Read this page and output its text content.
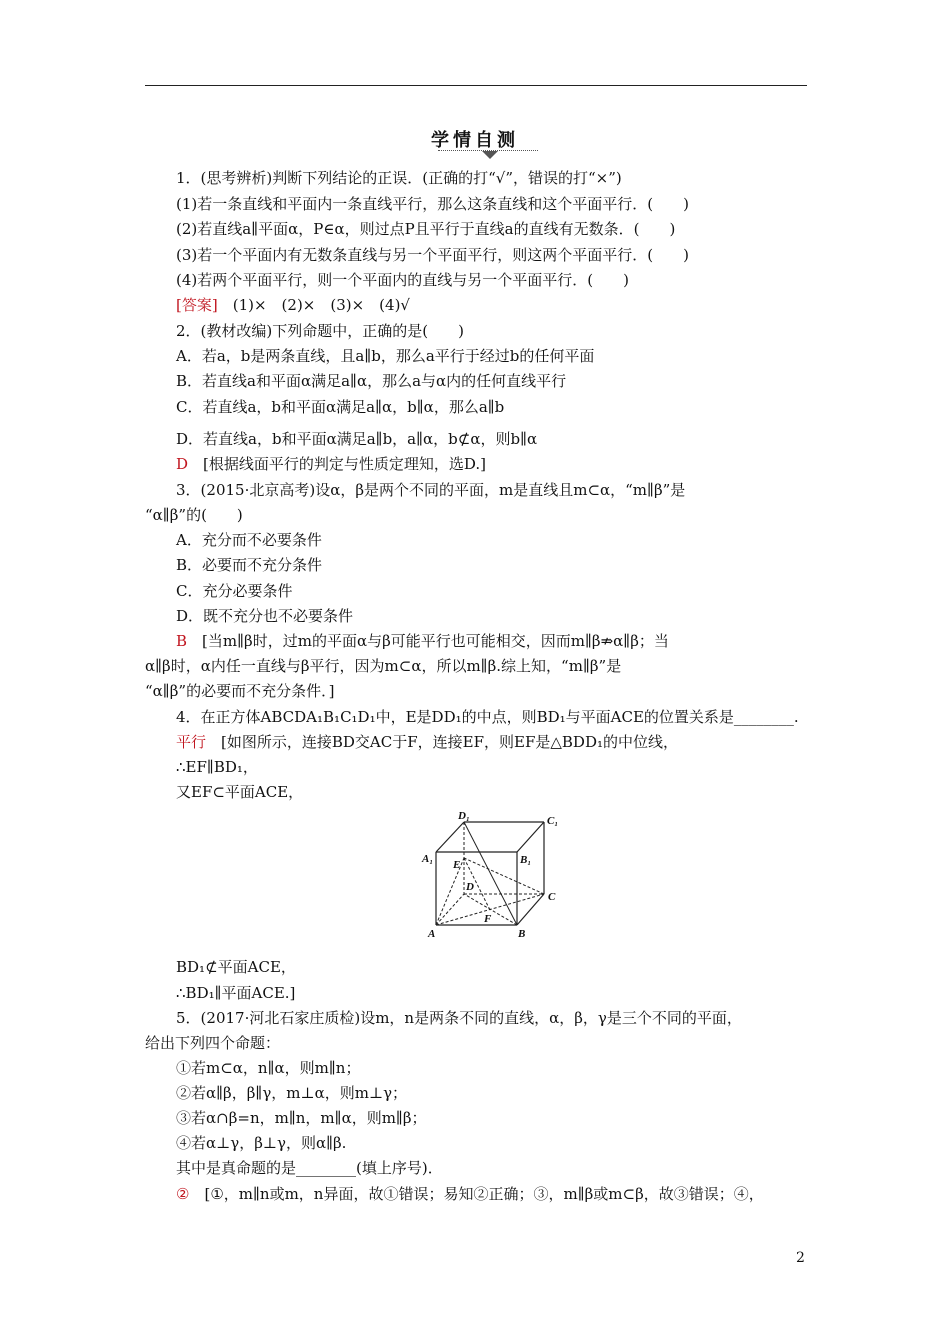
学情自测
1．(思考辨析)判断下列结论的正误．(正确的打“√”，错误的打“×”)
(1)若一条直线和平面内一条直线平行，那么这条直线和这个平面平行．(　　)
(2)若直线a∥平面α，P∈α，则过点P且平行于直线a的直线有无数条．(　　)
(3)若一个平面内有无数条直线与另一个平面平行，则这两个平面平行．(　　)
(4)若两个平面平行，则一个平面内的直线与另一个平面平行．(　　)
[答案]　 (1)×　(2)×　(3)×　(4)√
2．(教材改编)下列命题中，正确的是(　　)
A．若a，b是两条直线，且a∥b，那么a平行于经过b的任何平面
B．若直线a和平面α满足a∥α，那么a与α内的任何直线平行
C．若直线a，b和平面α满足a∥α，b∥α，那么a∥b
D．若直线a，b和平面α满足a∥b，a∥α，b⊄α，则b∥α
D　 [根据线面平行的判定与性质定理知，选D.]
3．(2015·北京高考)设α，β是两个不同的平面，m是直线且m⊂α，“m∥β”是
“α∥β”的(　　)
A．充分而不必要条件
B．必要而不充分条件
C．充分必要条件
D．既不充分也不必要条件
B　 [当m∥β时，过m的平面α与β可能平行也可能相交，因而m∥β⇏α∥β；当
α∥β时，α内任一直线与β平行，因为m⊂α，所以m∥β.综上知，“m∥β”是
“α∥β”的必要而不充分条件．]
4．在正方体ABCDA₁B₁C₁D₁中，E是DD₁的中点，则BD₁与平面ACE的位置关系是________.
平行　 [如图所示，连接BD交AC于F，连接EF，则EF是△BDD₁的中位线，
∴EF∥BD₁，
又EF⊂平面ACE，
D₁	C₁
A₁	B₁
E
D
C
F
A	B
BD₁⊄平面ACE，
∴BD₁∥平面ACE.]
5．(2017·河北石家庄质检)设m，n是两条不同的直线，α，β，γ是三个不同的平面，
给出下列四个命题：
①若m⊂α，n∥α，则m∥n；
②若α∥β，β∥γ，m⊥α，则m⊥γ；
③若α∩β=n，m∥n，m∥α，则m∥β；
④若α⊥γ，β⊥γ，则α∥β.
其中是真命题的是________(填上序号)．
②　 [①，m∥n或m，n异面，故①错误；易知②正确；③，m∥β或m⊂β，故③错误；④，
2
